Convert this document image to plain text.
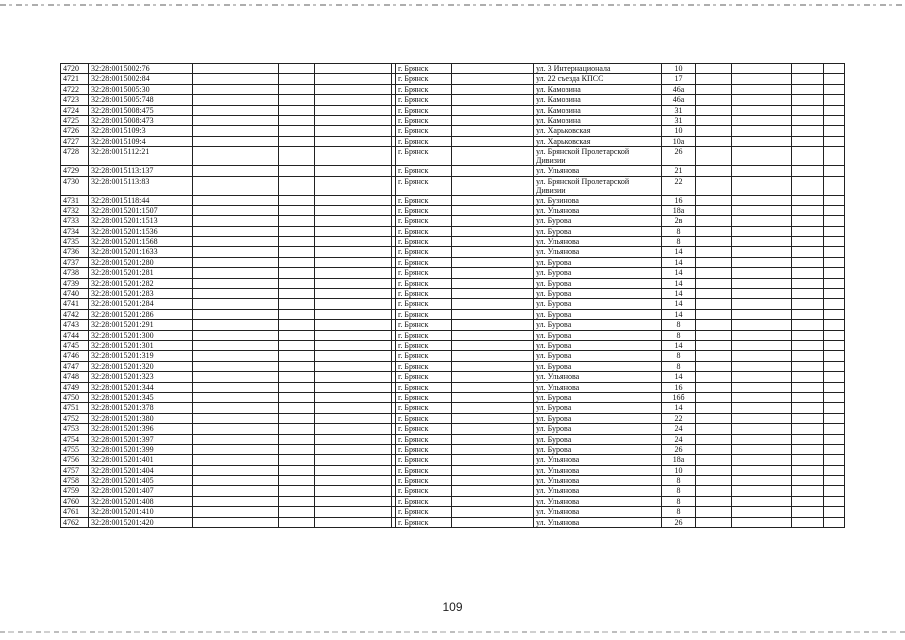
4720	32:28:0015002:76					г. Брянск		ул. 3 Интернационала	10				
4721	32:28:0015002:84					г. Брянск		ул. 22 съезда КПСС	17				
4722	32:28:0015005:30					г. Брянск		ул. Камозина	46а				
4723	32:28:0015005:748					г. Брянск		ул. Камозина	46а				
4724	32:28:0015008:475					г. Брянск		ул. Камозина	31				
4725	32:28:0015008:473					г. Брянск		ул. Камозина	31				
4726	32:28:0015109:3					г. Брянск		ул. Харьковская	10				
4727	32:28:0015109:4					г. Брянск		ул. Харьковская	10а				
4728	32:28:0015112:21					г. Брянск		ул. Брянской Пролетарской Дивизии	26				
4729	32:28:0015113:137					г. Брянск		ул. Ульянова	21				
4730	32:28:0015113:83					г. Брянск		ул. Брянской Пролетарской Дивизии	22				
4731	32:28:0015118:44					г. Брянск		ул. Бузинова	16				
4732	32:28:0015201:1507					г. Брянск		ул. Ульянова	18а				
4733	32:28:0015201:1513					г. Брянск		ул. Бурова	2в				
4734	32:28:0015201:1536					г. Брянск		ул. Бурова	8				
4735	32:28:0015201:1568					г. Брянск		ул. Ульянова	8				
4736	32:28:0015201:1633					г. Брянск		ул. Ульянова	14				
4737	32:28:0015201:280					г. Брянск		ул. Бурова	14				
4738	32:28:0015201:281					г. Брянск		ул. Бурова	14				
4739	32:28:0015201:282					г. Брянск		ул. Бурова	14				
4740	32:28:0015201:283					г. Брянск		ул. Бурова	14				
4741	32:28:0015201:284					г. Брянск		ул. Бурова	14				
4742	32:28:0015201:286					г. Брянск		ул. Бурова	14				
4743	32:28:0015201:291					г. Брянск		ул. Бурова	8				
4744	32:28:0015201:300					г. Брянск		ул. Бурова	8				
4745	32:28:0015201:301					г. Брянск		ул. Бурова	14				
4746	32:28:0015201:319					г. Брянск		ул. Бурова	8				
4747	32:28:0015201:320					г. Брянск		ул. Бурова	8				
4748	32:28:0015201:323					г. Брянск		ул. Ульянова	14				
4749	32:28:0015201:344					г. Брянск		ул. Ульянова	16				
4750	32:28:0015201:345					г. Брянск		ул. Бурова	16б				
4751	32:28:0015201:378					г. Брянск		ул. Бурова	14				
4752	32:28:0015201:380					г. Брянск		ул. Бурова	22				
4753	32:28:0015201:396					г. Брянск		ул. Бурова	24				
4754	32:28:0015201:397					г. Брянск		ул. Бурова	24				
4755	32:28:0015201:399					г. Брянск		ул. Бурова	26				
4756	32:28:0015201:401					г. Брянск		ул. Ульянова	18а				
4757	32:28:0015201:404					г. Брянск		ул. Ульянова	10				
4758	32:28:0015201:405					г. Брянск		ул. Ульянова	8				
4759	32:28:0015201:407					г. Брянск		ул. Ульянова	8				
4760	32:28:0015201:408					г. Брянск		ул. Ульянова	8				
4761	32:28:0015201:410					г. Брянск		ул. Ульянова	8				
4762	32:28:0015201:420					г. Брянск		ул. Ульянова	26				
109
